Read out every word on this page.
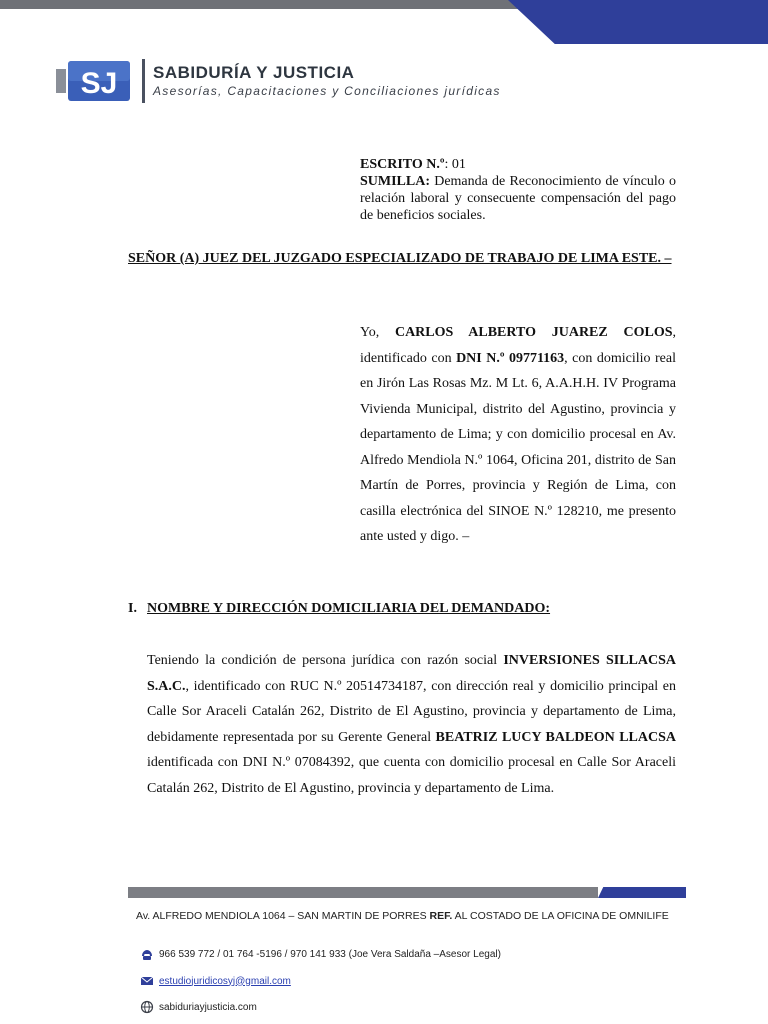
SJ SABIDURÍA Y JUSTICIA
Asesorías, Capacitaciones y Conciliaciones jurídicas
ESCRITO N.º: 01
SUMILLA: Demanda de Reconocimiento de vínculo o relación laboral y consecuente compensación del pago de beneficios sociales.
SEÑOR (A) JUEZ DEL JUZGADO ESPECIALIZADO DE TRABAJO DE LIMA ESTE. –
Yo, CARLOS ALBERTO JUAREZ COLOS, identificado con DNI N.º 09771163, con domicilio real en Jirón Las Rosas Mz. M Lt. 6, A.A.H.H. IV Programa Vivienda Municipal, distrito del Agustino, provincia y departamento de Lima; y con domicilio procesal en Av. Alfredo Mendiola N.º 1064, Oficina 201, distrito de San Martín de Porres, provincia y Región de Lima, con casilla electrónica del SINOE N.º 128210, me presento ante usted y digo. –
I. NOMBRE Y DIRECCIÓN DOMICILIARIA DEL DEMANDADO:
Teniendo la condición de persona jurídica con razón social INVERSIONES SILLACSA S.A.C., identificado con RUC N.º 20514734187, con dirección real y domicilio principal en Calle Sor Araceli Catalán 262, Distrito de El Agustino, provincia y departamento de Lima, debidamente representada por su Gerente General BEATRIZ LUCY BALDEON LLACSA identificada con DNI N.º 07084392, que cuenta con domicilio procesal en Calle Sor Araceli Catalán 262, Distrito de El Agustino, provincia y departamento de Lima.
Av. ALFREDO MENDIOLA 1064 – SAN MARTIN DE PORRES REF. AL COSTADO DE LA OFICINA DE OMNILIFE
966 539 772 / 01 764 -5196 / 970 141 933 (Joe Vera Saldaña –Asesor Legal)
estudiojuridicosyj@gmail.com
sabiduriayjusticia.com
